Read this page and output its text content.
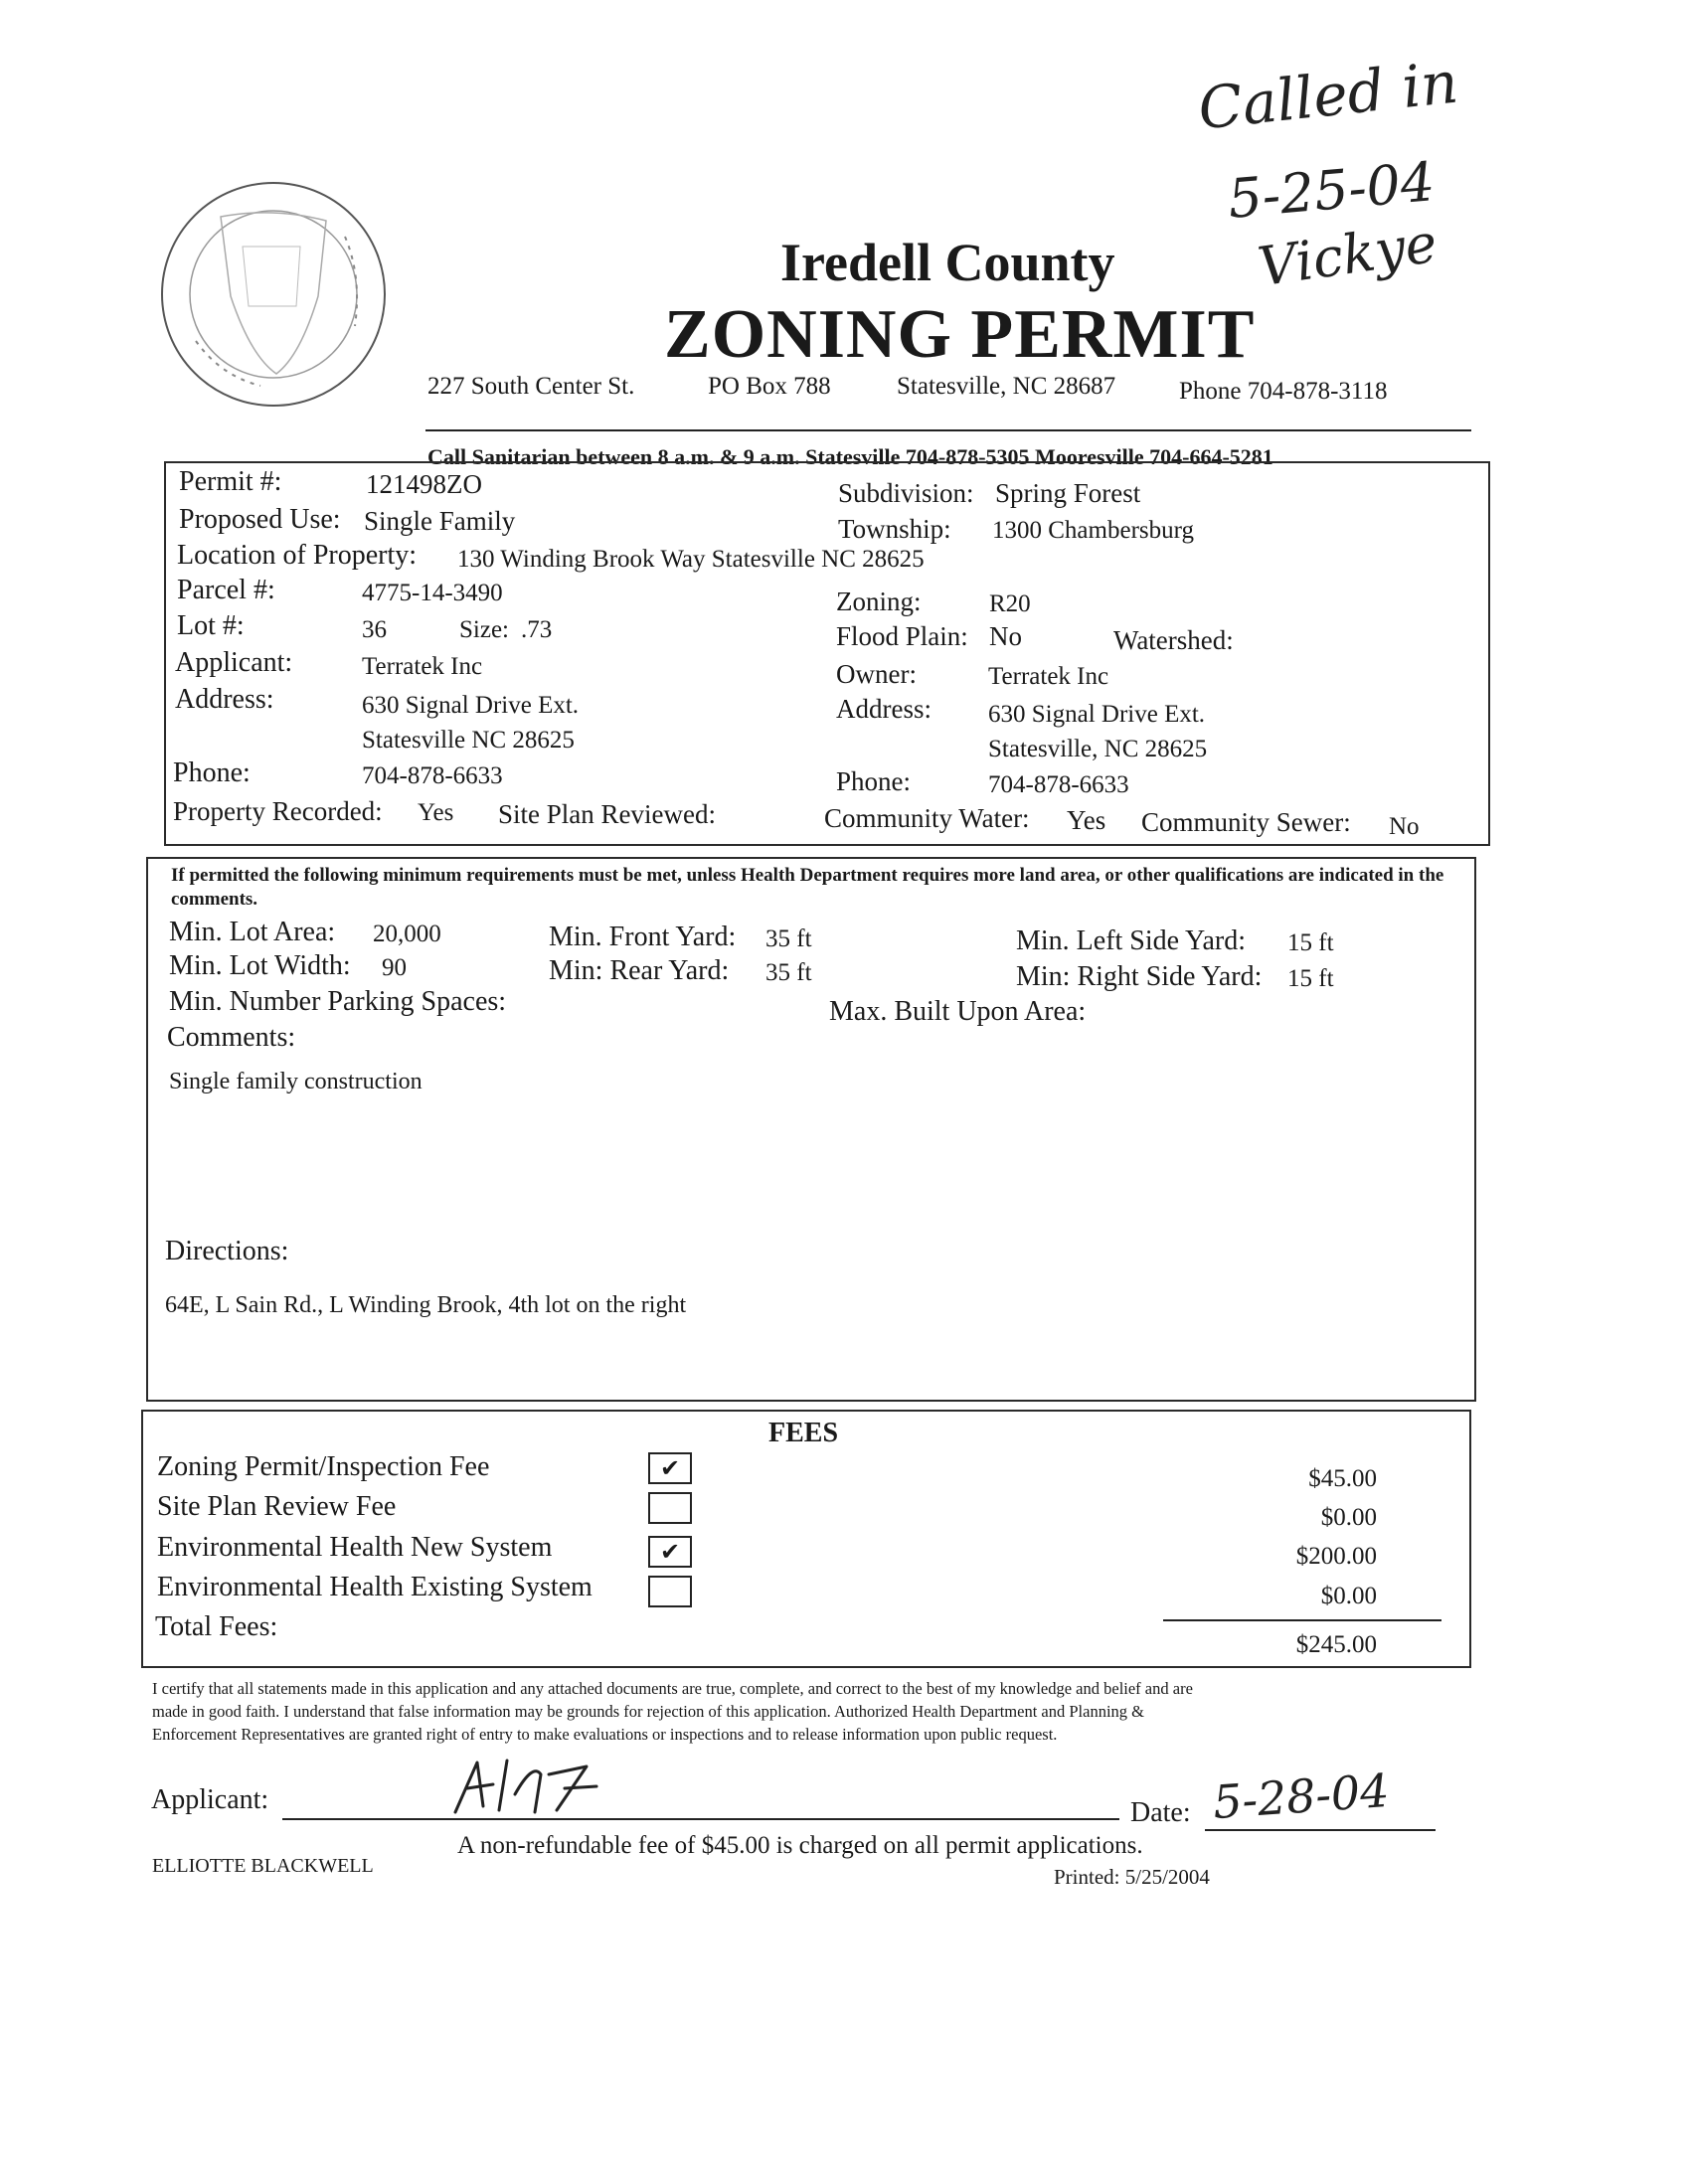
Called in
5-25-04
Vickye
Iredell County
ZONING PERMIT
227 South Center St.	PO Box 788	Statesville, NC 28687	Phone 704-878-3118
Call Sanitarian between 8 a.m. & 9 a.m. Statesville 704-878-5305 Mooresville 704-664-5281
Permit #:	121498ZO	Subdivision: Spring Forest
Proposed Use: Single Family	Township: 1300 Chambersburg
Location of Property: 130 Winding Brook Way Statesville NC 28625
Parcel #:	4775-14-3490	Zoning:	R20
Lot #:	36	Size: .73	Flood Plain: No	Watershed:
Applicant:	Terratek Inc	Owner:	Terratek Inc
Address:	630 Signal Drive Ext.
Statesville NC 28625
Address: 630 Signal Drive Ext.
Statesville, NC 28625
Phone:	704-878-6633	Phone:	704-878-6633
Property Recorded: Yes Site Plan Reviewed:	Community Water: Yes Community Sewer: No
If permitted the following minimum requirements must be met, unless Health Department requires more land area, or other qualifications are indicated in the comments.
Min. Lot Area: 20,000	Min. Front Yard: 35 ft	Min. Left Side Yard: 15 ft
Min. Lot Width: 90	Min: Rear Yard: 35 ft	Min: Right Side Yard: 15 ft
Min. Number Parking Spaces:	Max. Built Upon Area:
Comments:
Single family construction
Directions:
64E, L Sain Rd., L Winding Brook, 4th lot on the right
FEES
Zoning Permit/Inspection Fee	✔	$45.00
Site Plan Review Fee	$0.00
Environmental Health New System	✔	$200.00
Environmental Health Existing System	$0.00
Total Fees:
$245.00
I certify that all statements made in this application and any attached documents are true, complete, and correct to the best of my knowledge and belief and are
made in good faith. I understand that false information may be grounds for rejection of this application. Authorized Health Department and Planning &
Enforcement Representatives are granted right of entry to make evaluations or inspections and to release information upon public request.
Applicant:	Date: 5-28-04
A non-refundable fee of $45.00 is charged on all permit applications.
ELLIOTTE BLACKWELL	Printed: 5/25/2004
